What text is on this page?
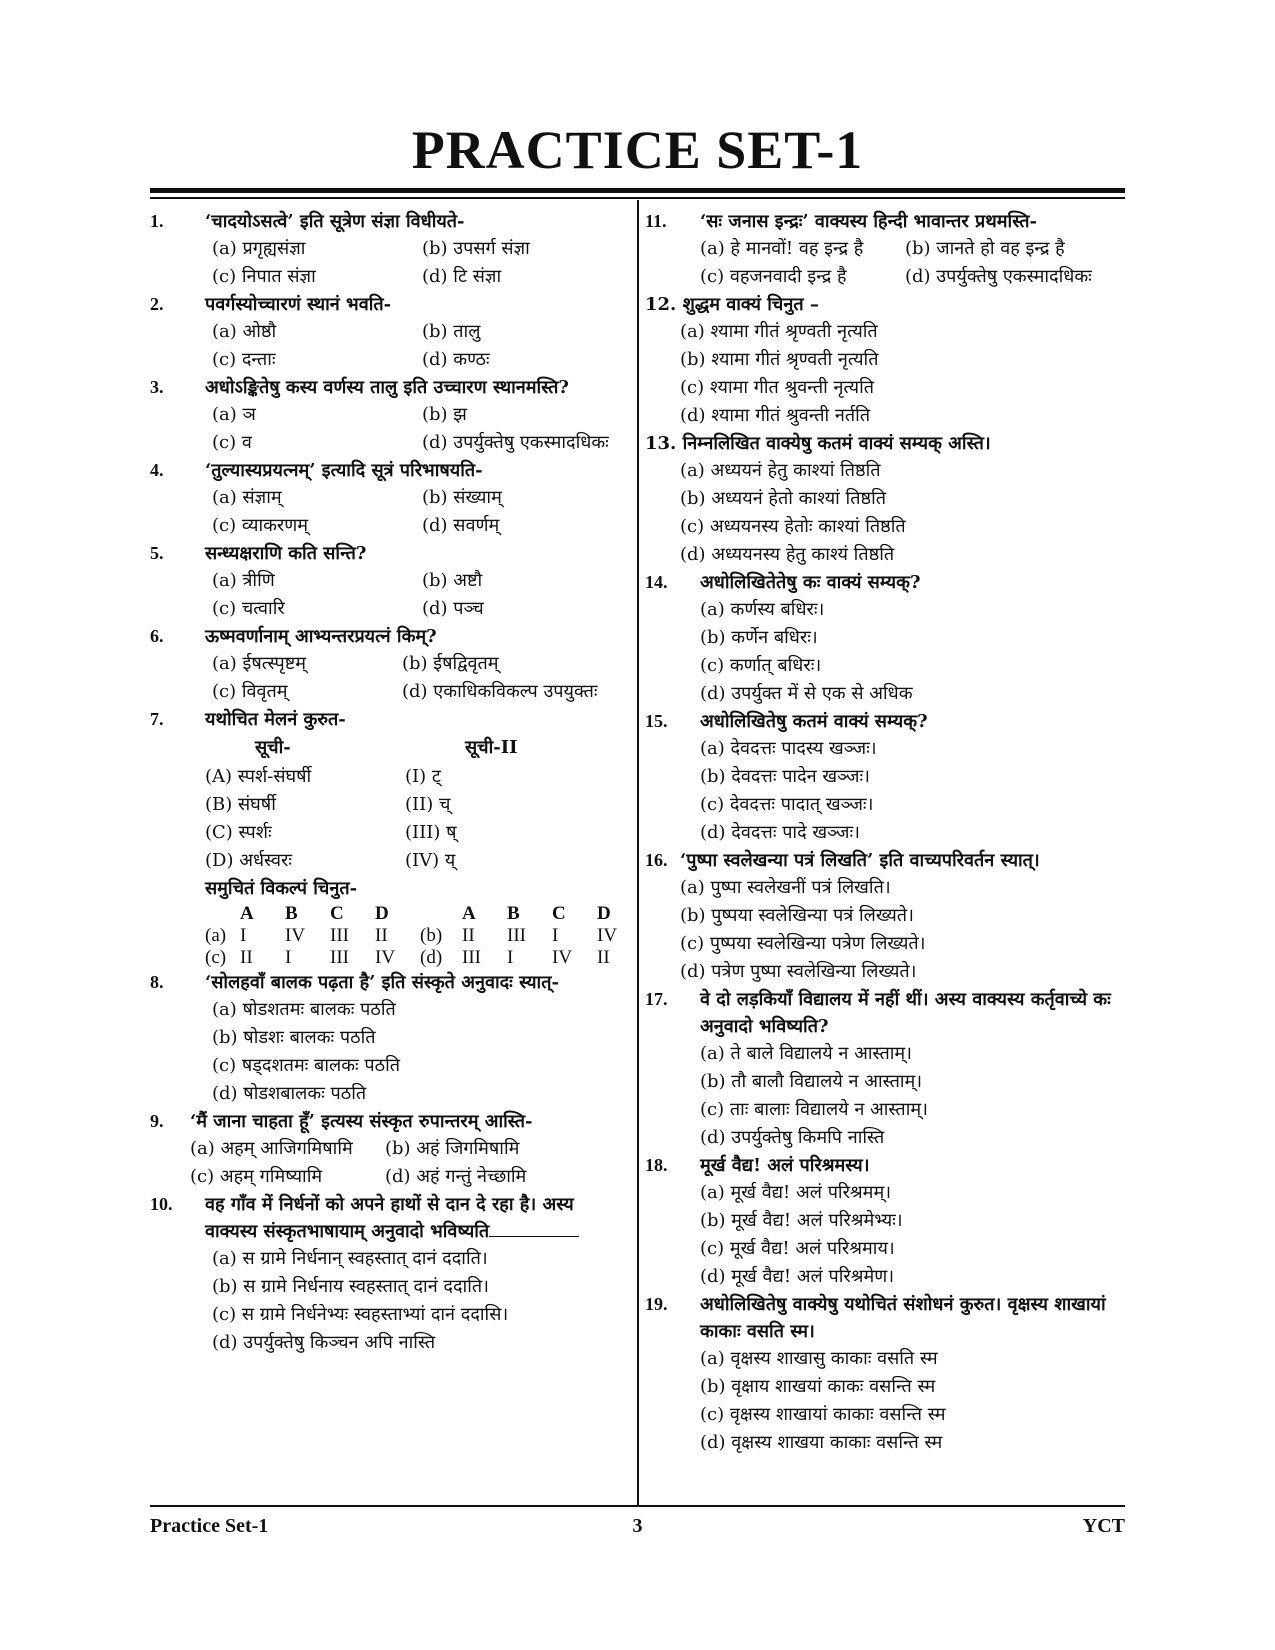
PRACTICE SET-1
1. ‘चादयोऽसत्वे’ इति सूत्रेण संज्ञा विधीयते-
(a) प्रगृह्यसंज्ञा	(b) उपसर्ग संज्ञा
(c) निपात संज्ञा	(d) टि संज्ञा
2. पवर्गस्योच्चारणं स्थानं भवति-
(a) ओष्ठौ	(b) तालु
(c) दन्ताः	(d) कण्ठः
3. अधोऽङ्कितेषु कस्य वर्णस्य तालु इति उच्चारण स्थानमस्ति?
(a) ञ	(b) झ
(c) व	(d) उपर्युक्तेषु एकस्मादधिकः
4. ‘तुल्यास्यप्रयत्नम्’ इत्यादि सूत्रं परिभाषयति-
(a) संज्ञाम्	(b) संख्याम्
(c) व्याकरणम्	(d) सवर्णम्
5. सन्ध्यक्षराणि कति सन्ति?
(a) त्रीणि	(b) अष्टौ
(c) चत्वारि	(d) पञ्च
6. ऊष्मवर्णानाम् आभ्यन्तरप्रयत्नं किम्?
(a) ईषत्स्पृष्टम्	(b) ईषद्विवृतम्
(c) विवृतम्	(d) एकाधिकविकल्प उपयुक्तः
7. यथोचित मेलनं कुरुत-
सूची-	सूची-II
(A) स्पर्श-संघर्षी	(I) ट्
(B) संघर्षी	(II) च्
(C) स्पर्शः	(III) ष्
(D) अर्धस्वरः	(IV) य्
समुचितं विकल्पं चिनुत-
A	B	C	D	A	B	C	D
(a) I	IV	III	II	(b)	II	III	I	IV
(c) II	I	III	IV	(d)	III	I	IV	II
8. ‘सोलहवाँ बालक पढ़ता है’ इति संस्कृते अनुवादः स्यात्-
(a) षोडशतमः बालकः पठति
(b) षोडशः बालकः पठति
(c) षड्दशतमः बालकः पठति
(d) षोडशबालकः पठति
9. ‘मैं जाना चाहता हूँ’ इत्यस्य संस्कृत रुपान्तरम् आस्ति-
(a) अहम् आजिगमिषामि	(b) अहं जिगमिषामि
(c) अहम् गमिष्यामि	(d) अहं गन्तुं नेच्छामि
10. वह गाँव में निर्धनों को अपने हाथों से दान दे रहा है। अस्य वाक्यस्य संस्कृतभाषायाम् अनुवादो भविष्यति
(a) स ग्रामे निर्धनान् स्वहस्तात् दानं ददाति।
(b) स ग्रामे निर्धनाय स्वहस्तात् दानं ददाति।
(c) स ग्रामे निर्धनेभ्यः स्वहस्ताभ्यां दानं ददासि।
(d) उपर्युक्तेषु किञ्चन अपि नास्ति
11. ‘सः जनास इन्द्रः’ वाक्यस्य हिन्दी भावान्तर प्रथमस्ति-
(a) हे मानवों! वह इन्द्र है	(b) जानते हो वह इन्द्र है
(c) वहजनवादी इन्द्र है	(d) उपर्युक्तेषु एकस्मादधिकः
12. शुद्धम वाक्यं चिनुत –
(a) श्यामा गीतं श्रृण्वती नृत्यति
(b) श्यामा गीतं श्रृण्वती नृत्यति
(c) श्यामा गीत श्रुवन्ती नृत्यति
(d) श्यामा गीतं श्रुवन्ती नर्तति
13. निम्नलिखित वाक्येषु कतमं वाक्यं सम्यक् अस्ति।
(a) अध्ययनं हेतु काश्यां तिष्ठति
(b) अध्ययनं हेतो काश्यां तिष्ठति
(c) अध्ययनस्य हेतोः काश्यां तिष्ठति
(d) अध्ययनस्य हेतु काश्यं तिष्ठति
14. अधोलिखितेतेषु कः वाक्यं सम्यक्?
(a) कर्णस्य बधिरः।
(b) कर्णेन बधिरः।
(c) कर्णात् बधिरः।
(d) उपर्युक्त में से एक से अधिक
15. अधोलिखितेषु कतमं वाक्यं सम्यक्?
(a) देवदत्तः पादस्य खञ्जः।
(b) देवदत्तः पादेन खञ्जः।
(c) देवदत्तः पादात् खञ्जः।
(d) देवदत्तः पादे खञ्जः।
16. ‘पुष्पा स्वलेखन्या पत्रं लिखति’ इति वाच्यपरिवर्तन स्यात्।
(a) पुष्पा स्वलेखनीं पत्रं लिखति।
(b) पुष्पया स्वलेखिन्या पत्रं लिख्यते।
(c) पुष्पया स्वलेखिन्या पत्रेण लिख्यते।
(d) पत्रेण पुष्पा स्वलेखिन्या लिख्यते।
17. वे दो लड़कियाँ विद्यालय में नहीं थीं। अस्य वाक्यस्य कर्तृवाच्ये कः अनुवादो भविष्यति?
(a) ते बाले विद्यालये न आस्ताम्।
(b) तौ बालौ विद्यालये न आस्ताम्।
(c) ताः बालाः विद्यालये न आस्ताम्।
(d) उपर्युक्तेषु किमपि नास्ति
18. मूर्ख वैद्य! अलं परिश्रमस्य।
(a) मूर्ख वैद्य! अलं परिश्रमम्।
(b) मूर्ख वैद्य! अलं परिश्रमेभ्यः।
(c) मूर्ख वैद्य! अलं परिश्रमाय।
(d) मूर्ख वैद्य! अलं परिश्रमेण।
19. अधोलिखितेषु वाक्येषु यथोचितं संशोधनं कुरुत। वृक्षस्य शाखायां काकाः वसति स्म।
(a) वृक्षस्य शाखासु काकाः वसति स्म
(b) वृक्षाय शाखयां काकः वसन्ति स्म
(c) वृक्षस्य शाखायां काकाः वसन्ति स्म
(d) वृक्षस्य शाखया काकाः वसन्ति स्म
Practice Set-1	3	YCT
